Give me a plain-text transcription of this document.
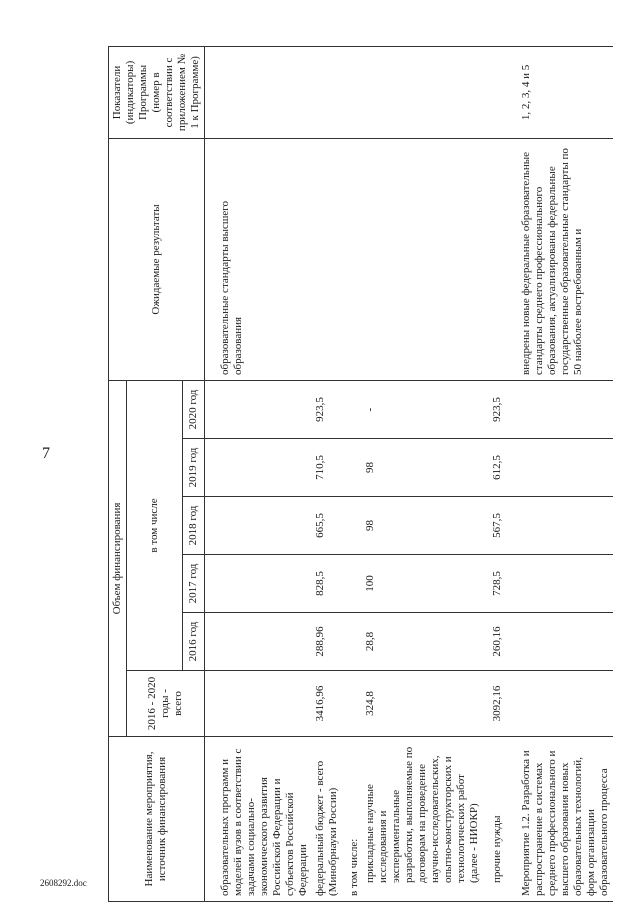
7
Наименование мероприятия, источник финансирования	Объем финансирования						Ожидаемые результаты	Показатели (индикаторы) Программы (номер в соответствии с приложением № 1 к Программе)
	2016 - 2020 годы - всего	в том числе						
		2016 год	2017 год	2018 год	2019 год	2020 год		
образовательных программ и моделей вузов в соответствии с задачами социально-экономического развития Российской Федерации и субъектов Российской Федерации							образовательные стандарты высшего образования	
федеральный бюджет - всего (Минобрнауки России)	3416,96	288,96	828,5	665,5	710,5	923,5		
в том числе:								
прикладные научные исследования и экспериментальные разработки, выполняемые по договорам на проведение научно-исследовательских, опытно-конструкторских и технологических работ (далее - НИОКР)	324,8	28,8	100	98	98	-		
прочие нужды	3092,16	260,16	728,5	567,5	612,5	923,5		
Мероприятие 1.2. Разработка и распространение в системах среднего профессионального и высшего образования новых образовательных технологий, форм организации образовательного процесса							внедрены новые федеральные образовательные стандарты среднего профессионального образования, актуализированы федеральные государственные образовательные стандарты по 50 наиболее востребованным и	1, 2, 3, 4 и 5
2608292.doc
